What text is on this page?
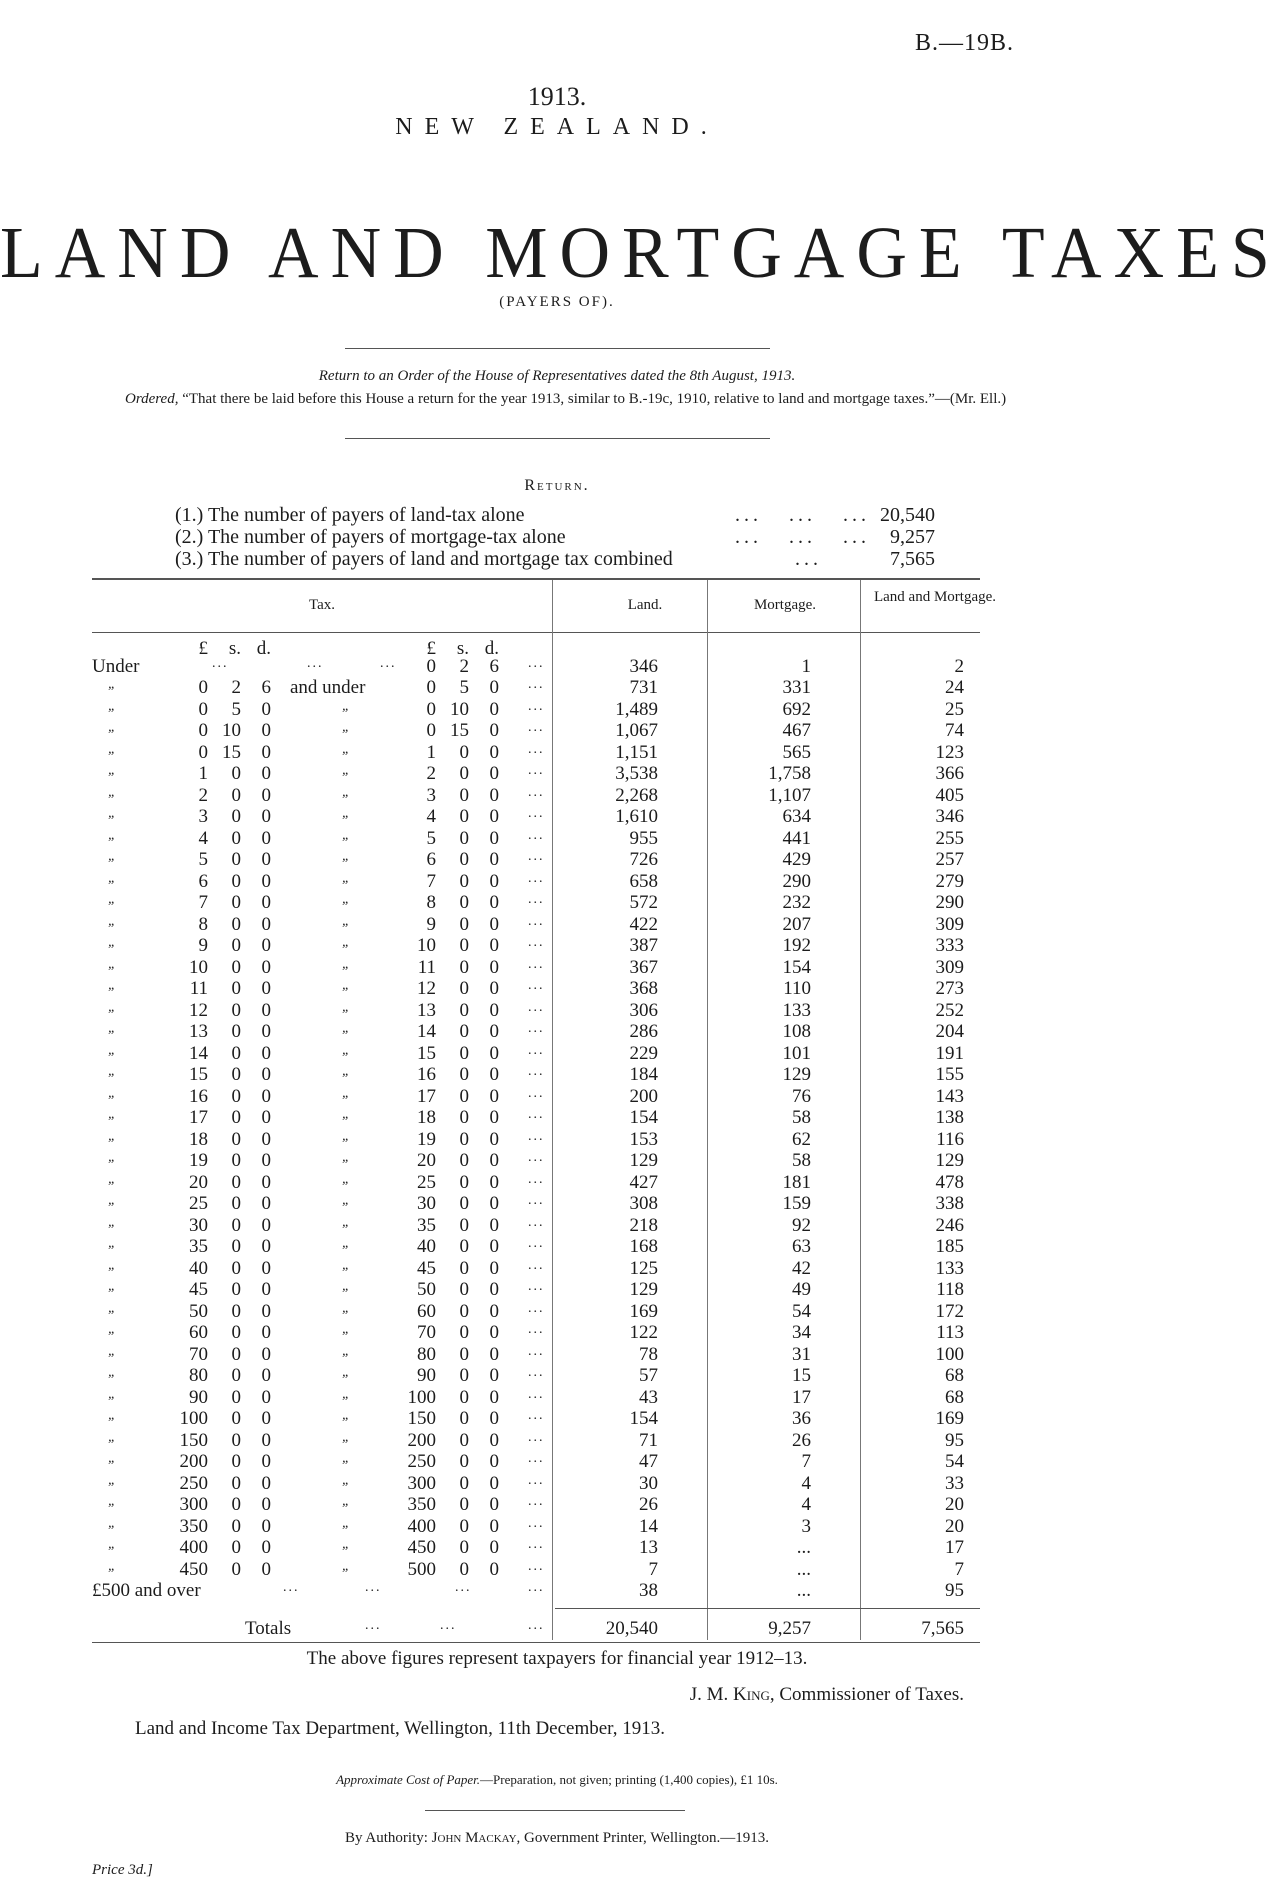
B.—19B.
1913.
NEW ZEALAND.
LAND AND MORTGAGE TAXES
(PAYERS OF).
Return to an Order of the House of Representatives dated the 8th August, 1913.
Ordered, “That there be laid before this House a return for the year 1913, similar to B.-19c, 1910, relative to land and mortgage taxes.”—(Mr. Ell.)
Return.
(1.) The number of payers of land-tax alone	... ... ... 20,540
(2.) The number of payers of mortgage-tax alone	... ... ... 9,257
(3.) The number of payers of land and mortgage tax combined	...	7,565
Tax.	Land.	Mortgage.	Land and Mortgage.
£ s. d.	£ s. d.
Under	...	...	... 0 2 6 ...	346	1	2
„	0 2 6 and under	0 5 0 ...	731	331	24
„	0 5 0	„	0 10 0 ...	1,489	692	25
„	0 10 0	„	0 15 0 ...	1,067	467	74
„	0 15 0	„	1 0 0 ...	1,151	565	123
„	1 0 0	„	2 0 0 ...	3,538	1,758	366
„	2 0 0	„	3 0 0 ...	2,268	1,107	405
„	3 0 0	„	4 0 0 ...	1,610	634	346
„	4 0 0	„	5 0 0 ...	955	441	255
„	5 0 0	„	6 0 0 ...	726	429	257
„	6 0 0	„	7 0 0 ...	658	290	279
„	7 0 0	„	8 0 0 ...	572	232	290
„	8 0 0	„	9 0 0 ...	422	207	309
„	9 0 0	„	10 0 0 ...	387	192	333
„	10 0 0	„	11 0 0 ...	367	154	309
„	11 0 0	„	12 0 0 ...	368	110	273
„	12 0 0	„	13 0 0 ...	306	133	252
„	13 0 0	„	14 0 0 ...	286	108	204
„	14 0 0	„	15 0 0 ...	229	101	191
„	15 0 0	„	16 0 0 ...	184	129	155
„	16 0 0	„	17 0 0 ...	200	76	143
„	17 0 0	„	18 0 0 ...	154	58	138
„	18 0 0	„	19 0 0 ...	153	62	116
„	19 0 0	„	20 0 0 ...	129	58	129
„	20 0 0	„	25 0 0 ...	427	181	478
„	25 0 0	„	30 0 0 ...	308	159	338
„	30 0 0	„	35 0 0 ...	218	92	246
„	35 0 0	„	40 0 0 ...	168	63	185
„	40 0 0	„	45 0 0 ...	125	42	133
„	45 0 0	„	50 0 0 ...	129	49	118
„	50 0 0	„	60 0 0 ...	169	54	172
„	60 0 0	„	70 0 0 ...	122	34	113
„	70 0 0	„	80 0 0 ...	78	31	100
„	80 0 0	„	90 0 0 ...	57	15	68
„	90 0 0	„	100 0 0 ...	43	17	68
„	100 0 0	„	150 0 0 ...	154	36	169
„	150 0 0	„	200 0 0 ...	71	26	95
„	200 0 0	„	250 0 0 ...	47	7	54
„	250 0 0	„	300 0 0 ...	30	4	33
„	300 0 0	„	350 0 0 ...	26	4	20
„	350 0 0	„	400 0 0 ...	14	3	20
„	400 0 0	„	450 0 0 ...	13	...	17
„	450 0 0	„	500 0 0 ...	7	...	7
£500 and over	...	...	...	...	38	...	95
Totals	...	...	...	20,540	9,257	7,565
The above figures represent taxpayers for financial year 1912–13.
J. M. King, Commissioner of Taxes.
Land and Income Tax Department, Wellington, 11th December, 1913.
Approximate Cost of Paper.—Preparation, not given; printing (1,400 copies), £1 10s.
By Authority: John Mackay, Government Printer, Wellington.—1913.
Price 3d.]
